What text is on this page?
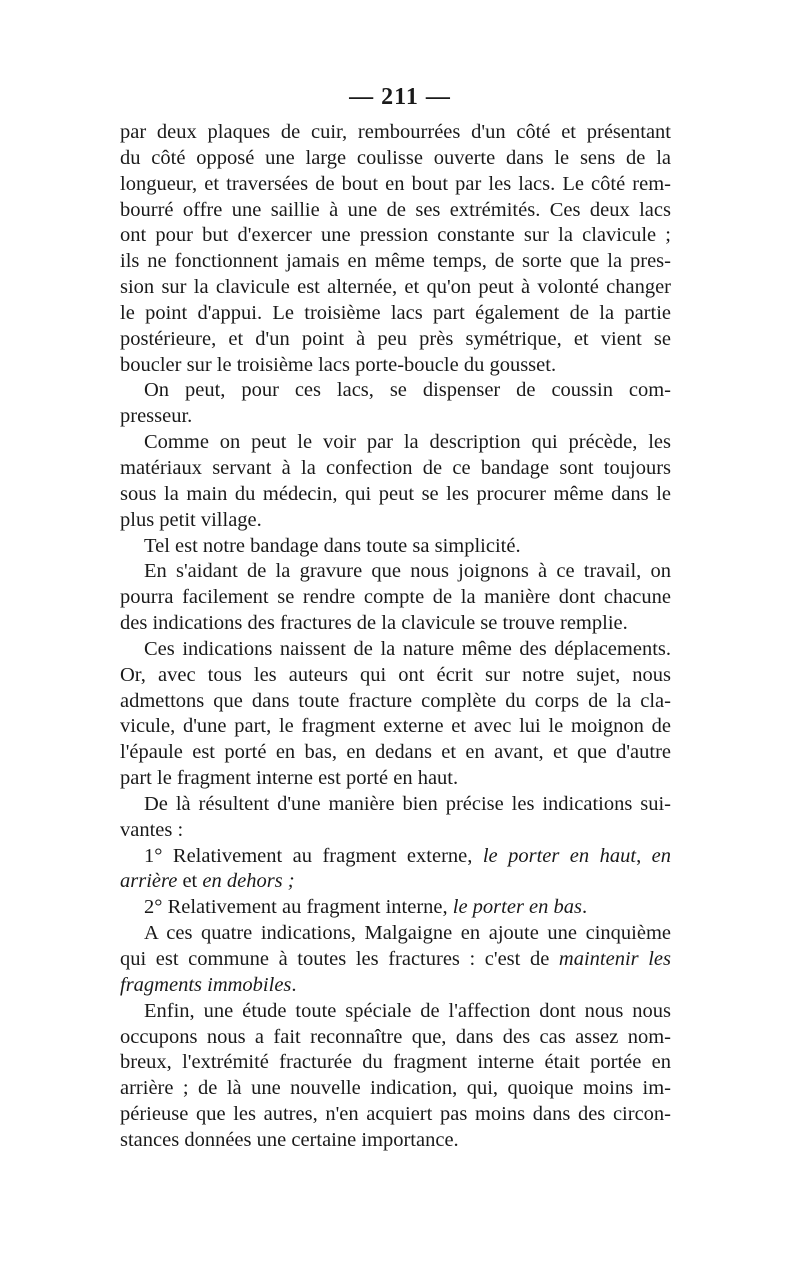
— 211 —
par deux plaques de cuir, rembourrées d'un côté et présentant
du côté opposé une large coulisse ouverte dans le sens de la
longueur, et traversées de bout en bout par les lacs. Le côté rem-
bourré offre une saillie à une de ses extrémités. Ces deux lacs
ont pour but d'exercer une pression constante sur la clavicule ;
ils ne fonctionnent jamais en même temps, de sorte que la pres-
sion sur la clavicule est alternée, et qu'on peut à volonté changer
le point d'appui. Le troisième lacs part également de la partie
postérieure, et d'un point à peu près symétrique, et vient se
boucler sur le troisième lacs porte-boucle du gousset.
On peut, pour ces lacs, se dispenser de coussin com-
presseur.
Comme on peut le voir par la description qui précède, les
matériaux servant à la confection de ce bandage sont toujours
sous la main du médecin, qui peut se les procurer même dans le
plus petit village.
Tel est notre bandage dans toute sa simplicité.
En s'aidant de la gravure que nous joignons à ce travail, on
pourra facilement se rendre compte de la manière dont chacune
des indications des fractures de la clavicule se trouve remplie.
Ces indications naissent de la nature même des déplacements.
Or, avec tous les auteurs qui ont écrit sur notre sujet, nous
admettons que dans toute fracture complète du corps de la cla-
vicule, d'une part, le fragment externe et avec lui le moignon de
l'épaule est porté en bas, en dedans et en avant, et que d'autre
part le fragment interne est porté en haut.
De là résultent d'une manière bien précise les indications sui-
vantes :
1° Relativement au fragment externe, le porter en haut, en
arrière et en dehors ;
2° Relativement au fragment interne, le porter en bas.
A ces quatre indications, Malgaigne en ajoute une cinquième
qui est commune à toutes les fractures : c'est de maintenir les
fragments immobiles.
Enfin, une étude toute spéciale de l'affection dont nous nous
occupons nous a fait reconnaître que, dans des cas assez nom-
breux, l'extrémité fracturée du fragment interne était portée en
arrière ; de là une nouvelle indication, qui, quoique moins im-
périeuse que les autres, n'en acquiert pas moins dans des circon-
stances données une certaine importance.
